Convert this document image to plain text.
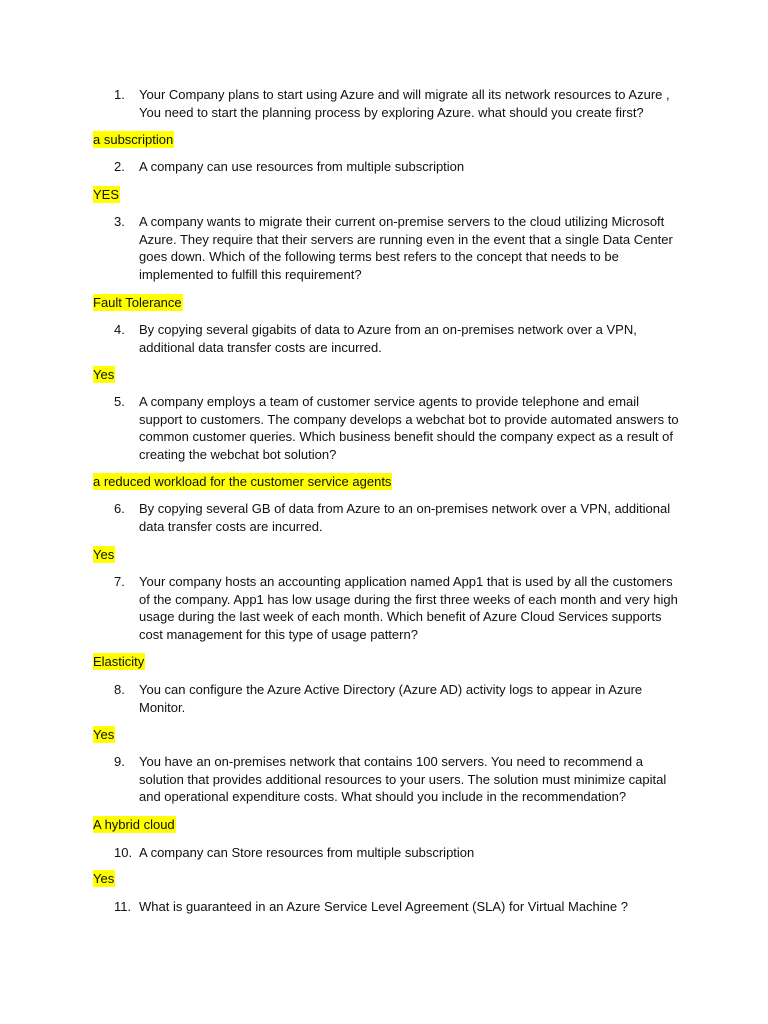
1.	Your Company plans to start using Azure and will migrate all its network resources to Azure , You need to start the planning process by exploring Azure. what should you create first?
a subscription
2.	A company can use resources from multiple subscription
YES
3.	A company wants to migrate their current on-premise servers to the cloud utilizing Microsoft Azure. They require that their servers are running even in the event that a single Data Center goes down. Which of the following terms best refers to the concept that needs to be implemented to fulfill this requirement?
Fault Tolerance
4.	By copying several gigabits of data to Azure from an on-premises network over a VPN, additional data transfer costs are incurred.
Yes
5.	A company employs a team of customer service agents to provide telephone and email support to customers. The company develops a webchat bot to provide automated answers to common customer queries. Which business benefit should the company expect as a result of creating the webchat bot solution?
a reduced workload for the customer service agents
6.	By copying several GB of data from Azure to an on-premises network over a VPN, additional data transfer costs are incurred.
Yes
7.	Your company hosts an accounting application named App1 that is used by all the customers of the company. App1 has low usage during the first three weeks of each month and very high usage during the last week of each month. Which benefit of Azure Cloud Services supports cost management for this type of usage pattern?
Elasticity
8.	You can configure the Azure Active Directory (Azure AD) activity logs to appear in Azure Monitor.
Yes
9.	You have an on-premises network that contains 100 servers. You need to recommend a solution that provides additional resources to your users. The solution must minimize capital and operational expenditure costs. What should you include in the recommendation?
A hybrid cloud
10. A company can Store resources from multiple subscription
Yes
11. What is guaranteed in an Azure Service Level Agreement (SLA) for Virtual Machine ?
